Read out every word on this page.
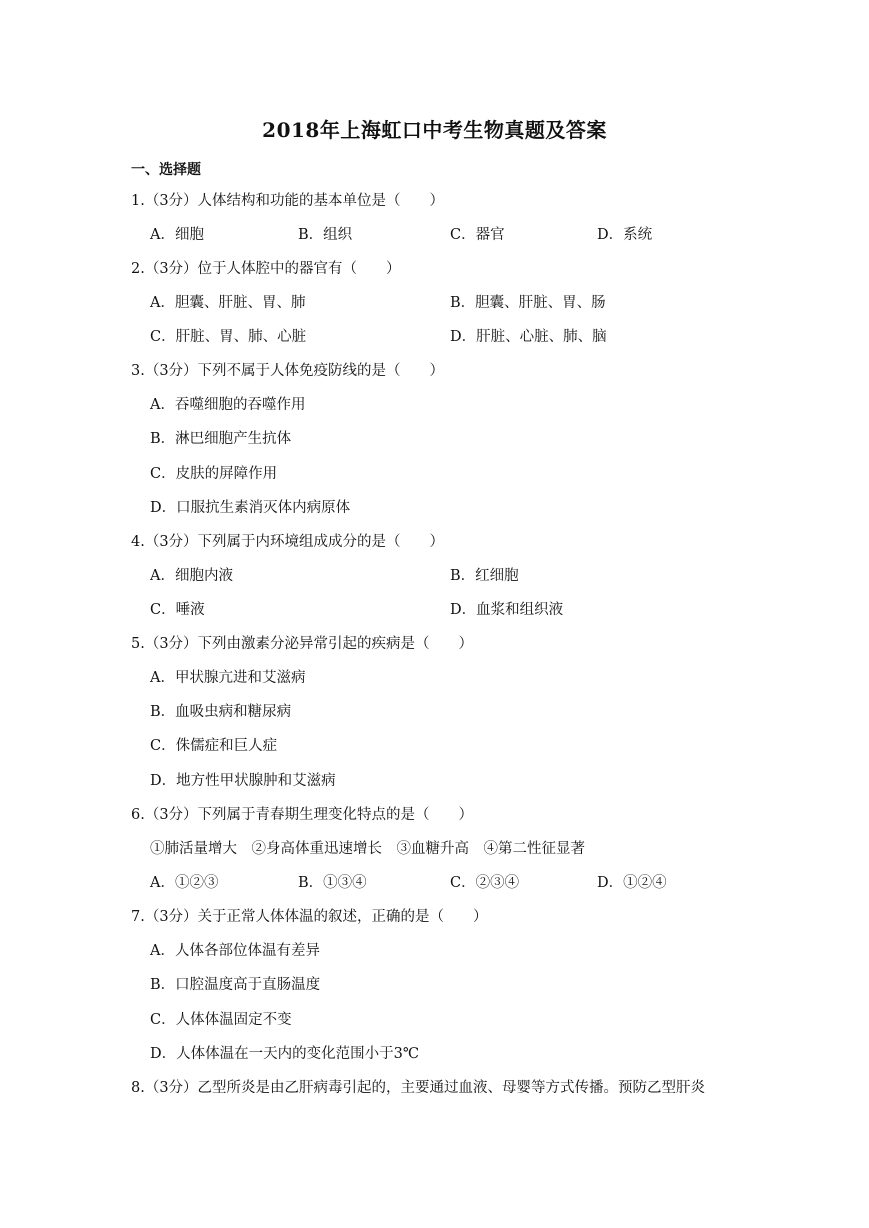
2018年上海虹口中考生物真题及答案
一、选择题
1.（3分）人体结构和功能的基本单位是（　　）
A．细胞	B．组织	C．器官	D．系统
2.（3分）位于人体腔中的器官有（　　）
A．胆囊、肝脏、胃、肺	B．胆囊、肝脏、胃、肠
C．肝脏、胃、肺、心脏	D．肝脏、心脏、肺、脑
3.（3分）下列不属于人体免疫防线的是（　　）
A．吞噬细胞的吞噬作用
B．淋巴细胞产生抗体
C．皮肤的屏障作用
D．口服抗生素消灭体内病原体
4.（3分）下列属于内环境组成成分的是（　　）
A．细胞内液	B．红细胞
C．唾液	D．血浆和组织液
5.（3分）下列由激素分泌异常引起的疾病是（　　）
A．甲状腺亢进和艾滋病
B．血吸虫病和糖尿病
C．侏儒症和巨人症
D．地方性甲状腺肿和艾滋病
6.（3分）下列属于青春期生理变化特点的是（　　）
①肺活量增大　②身高体重迅速增长　③血糖升高　④第二性征显著
A．①②③	B．①③④	C．②③④	D．①②④
7.（3分）关于正常人体体温的叙述，正确的是（　　）
A．人体各部位体温有差异
B．口腔温度高于直肠温度
C．人体体温固定不变
D．人体体温在一天内的变化范围小于3℃
8.（3分）乙型所炎是由乙肝病毒引起的，主要通过血液、母婴等方式传播。预防乙型肝炎
